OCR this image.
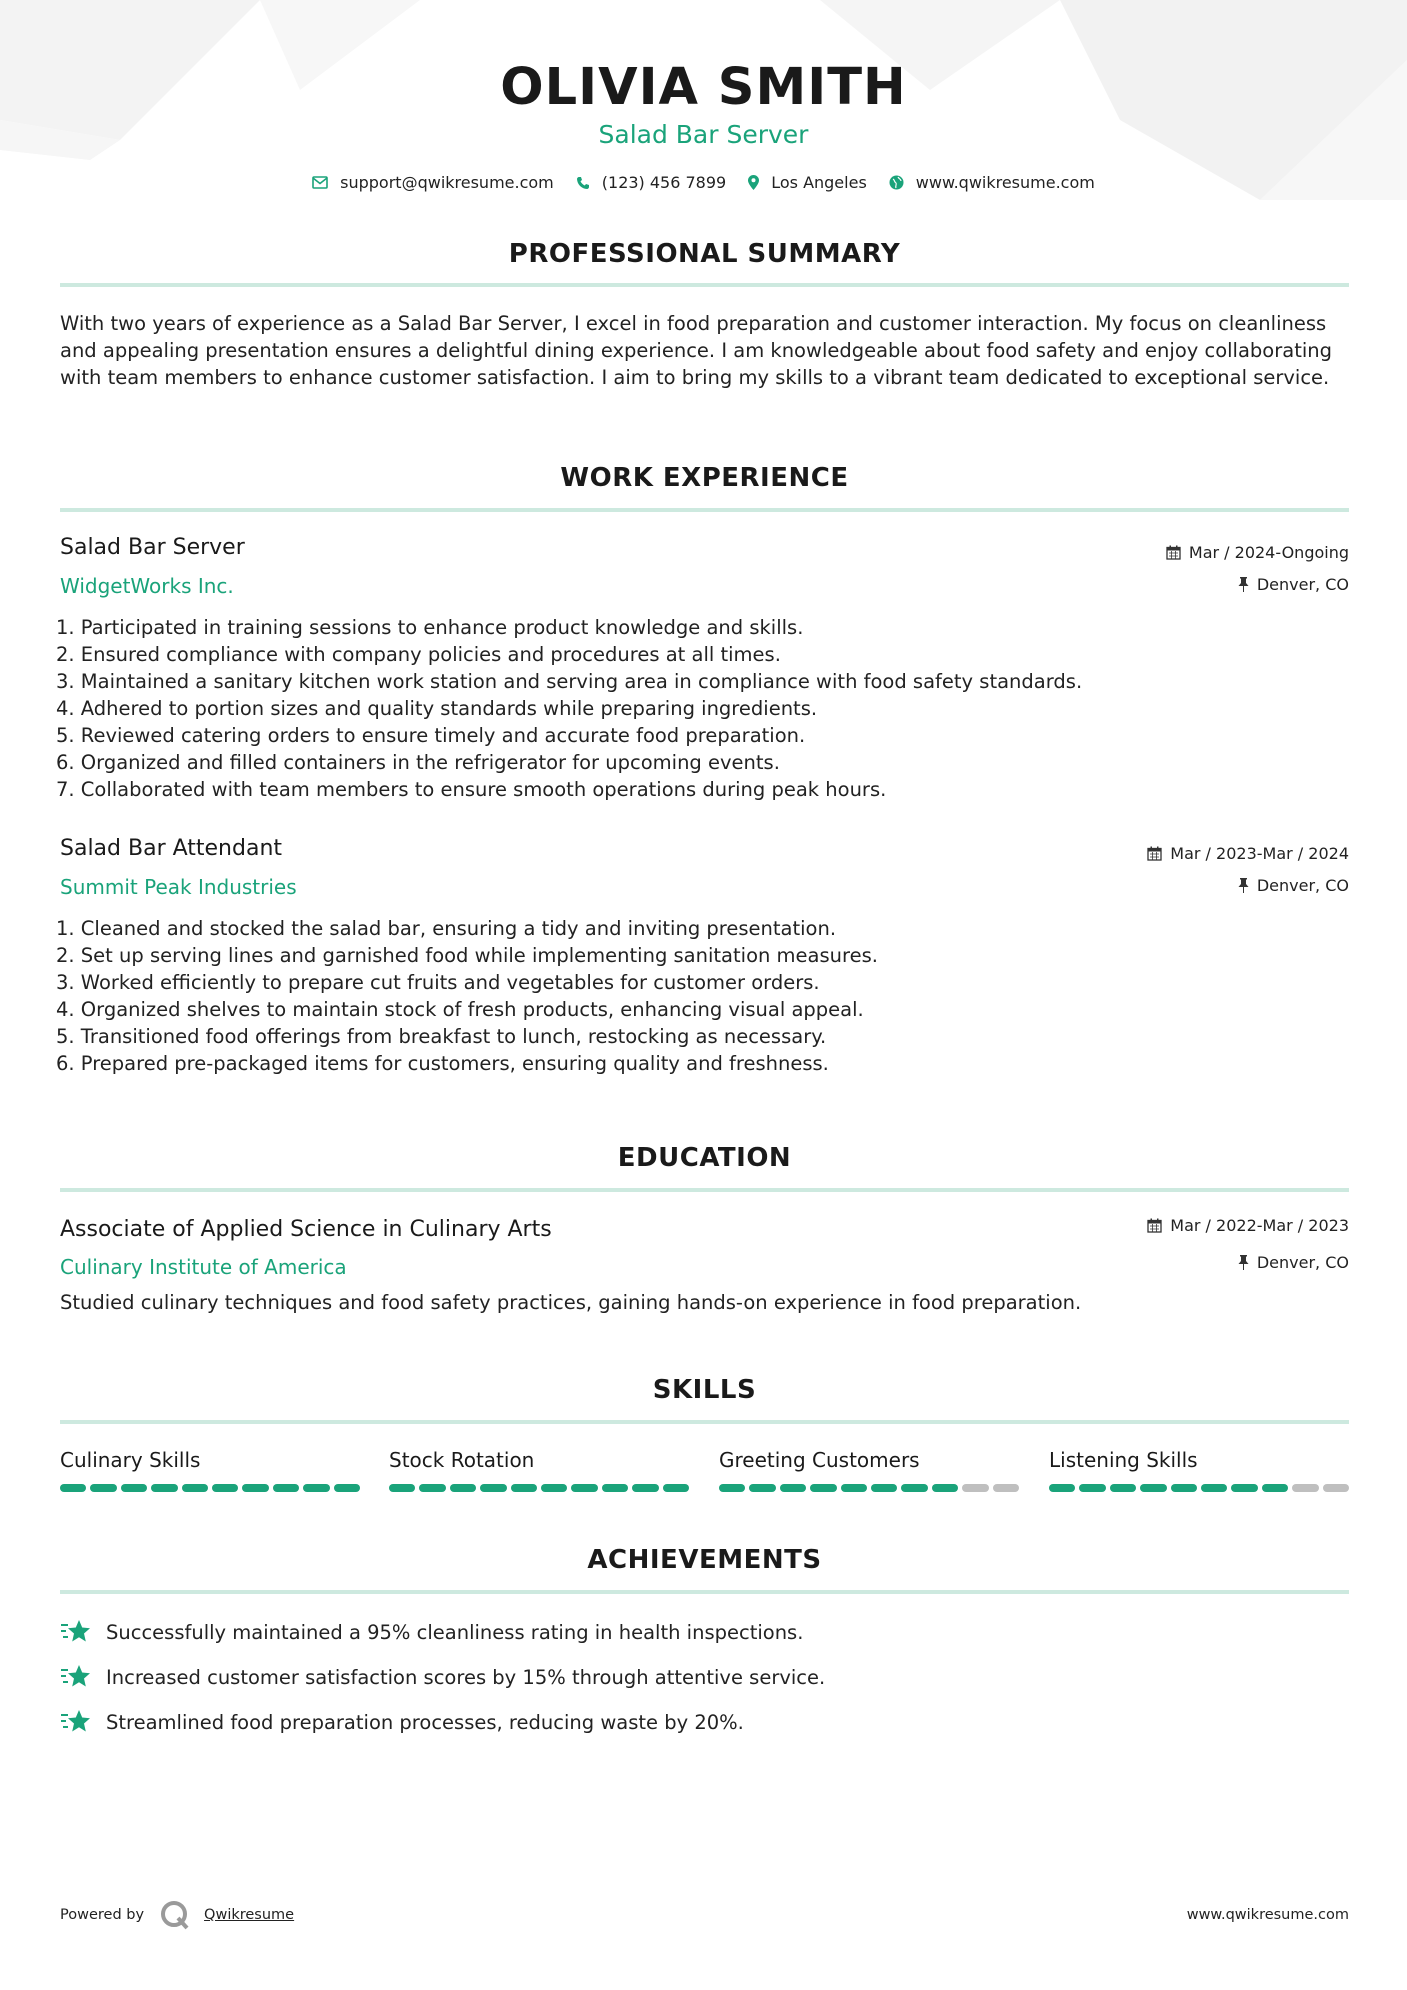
OLIVIA SMITH
Salad Bar Server
support@qwikresume.com	(123) 456 7899	Los Angeles	www.qwikresume.com
PROFESSIONAL SUMMARY
With two years of experience as a Salad Bar Server, I excel in food preparation and customer interaction. My focus on cleanliness and appealing presentation ensures a delightful dining experience. I am knowledgeable about food safety and enjoy collaborating with team members to enhance customer satisfaction. I aim to bring my skills to a vibrant team dedicated to exceptional service.
WORK EXPERIENCE
Salad Bar Server
WidgetWorks Inc.
Mar / 2024-Ongoing
Denver, CO
1. Participated in training sessions to enhance product knowledge and skills.
2. Ensured compliance with company policies and procedures at all times.
3. Maintained a sanitary kitchen work station and serving area in compliance with food safety standards.
4. Adhered to portion sizes and quality standards while preparing ingredients.
5. Reviewed catering orders to ensure timely and accurate food preparation.
6. Organized and filled containers in the refrigerator for upcoming events.
7. Collaborated with team members to ensure smooth operations during peak hours.
Salad Bar Attendant
Summit Peak Industries
Mar / 2023-Mar / 2024
Denver, CO
1. Cleaned and stocked the salad bar, ensuring a tidy and inviting presentation.
2. Set up serving lines and garnished food while implementing sanitation measures.
3. Worked efficiently to prepare cut fruits and vegetables for customer orders.
4. Organized shelves to maintain stock of fresh products, enhancing visual appeal.
5. Transitioned food offerings from breakfast to lunch, restocking as necessary.
6. Prepared pre-packaged items for customers, ensuring quality and freshness.
EDUCATION
Associate of Applied Science in Culinary Arts
Culinary Institute of America
Mar / 2022-Mar / 2023
Denver, CO
Studied culinary techniques and food safety practices, gaining hands-on experience in food preparation.
SKILLS
Culinary Skills	Stock Rotation	Greeting Customers	Listening Skills
ACHIEVEMENTS
Successfully maintained a 95% cleanliness rating in health inspections.
Increased customer satisfaction scores by 15% through attentive service.
Streamlined food preparation processes, reducing waste by 20%.
Powered by	Qwikresume	www.qwikresume.com
